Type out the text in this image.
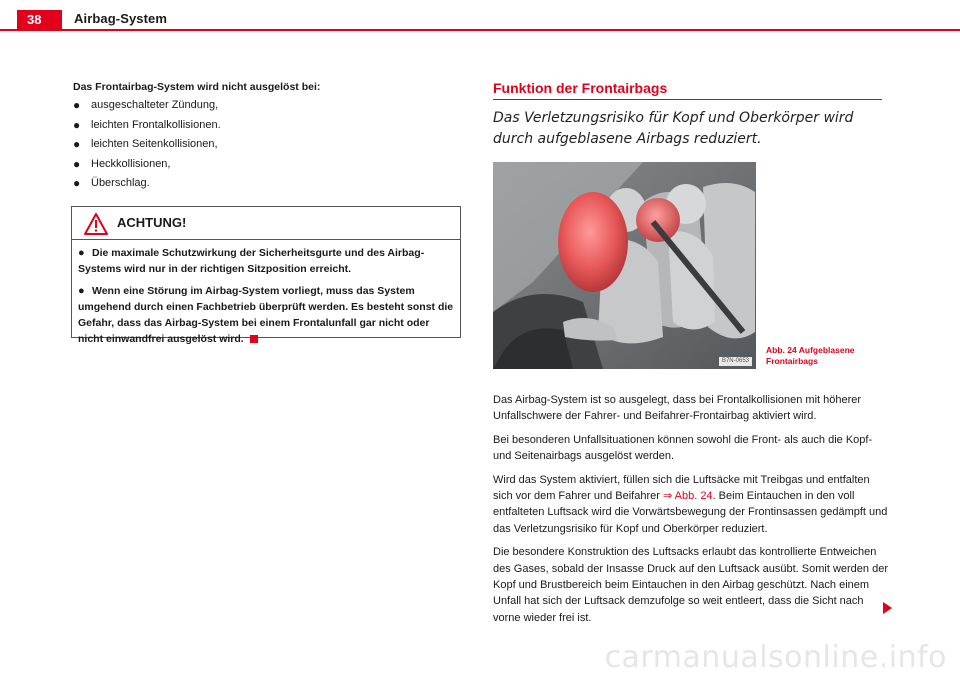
38	Airbag-System
Das Frontairbag-System wird nicht ausgelöst bei:
● ausgeschalteter Zündung,
● leichten Frontalkollisionen.
● leichten Seitenkollisionen,
● Heckkollisionen,
● Überschlag.
ACHTUNG!
● Die maximale Schutzwirkung der Sicherheitsgurte und des Airbag-Systems wird nur in der richtigen Sitzposition erreicht.
● Wenn eine Störung im Airbag-System vorliegt, muss das System umgehend durch einen Fachbetrieb überprüft werden. Es besteht sonst die Gefahr, dass das Airbag-System bei einem Frontalunfall gar nicht oder nicht einwandfrei ausgelöst wird.
Funktion der Frontairbags
Das Verletzungsrisiko für Kopf und Oberkörper wird durch aufgeblasene Airbags reduziert.
B7N-0653
Abb. 24 Aufgeblasene
Frontairbags

Das Airbag-System ist so ausgelegt, dass bei Frontalkollisionen mit höherer Unfallschwere der Fahrer- und Beifahrer-Frontairbag aktiviert wird.

Bei besonderen Unfallsituationen können sowohl die Front- als auch die Kopf- und Seitenairbags ausgelöst werden.

Wird das System aktiviert, füllen sich die Luftsäcke mit Treibgas und entfalten sich vor dem Fahrer und Beifahrer ⇒ Abb. 24. Beim Eintauchen in den voll entfalteten Luftsack wird die Vorwärtsbewegung der Frontinsassen gedämpft und das Verletzungsrisiko für Kopf und Oberkörper reduziert.

Die besondere Konstruktion des Luftsacks erlaubt das kontrollierte Entweichen des Gases, sobald der Insasse Druck auf den Luftsack ausübt. Somit werden der Kopf und Brustbereich beim Eintauchen in den Airbag geschützt. Nach einem Unfall hat sich der Luftsack demzufolge so weit entleert, dass die Sicht nach vorne wieder frei ist.

carmanualsonline.info
